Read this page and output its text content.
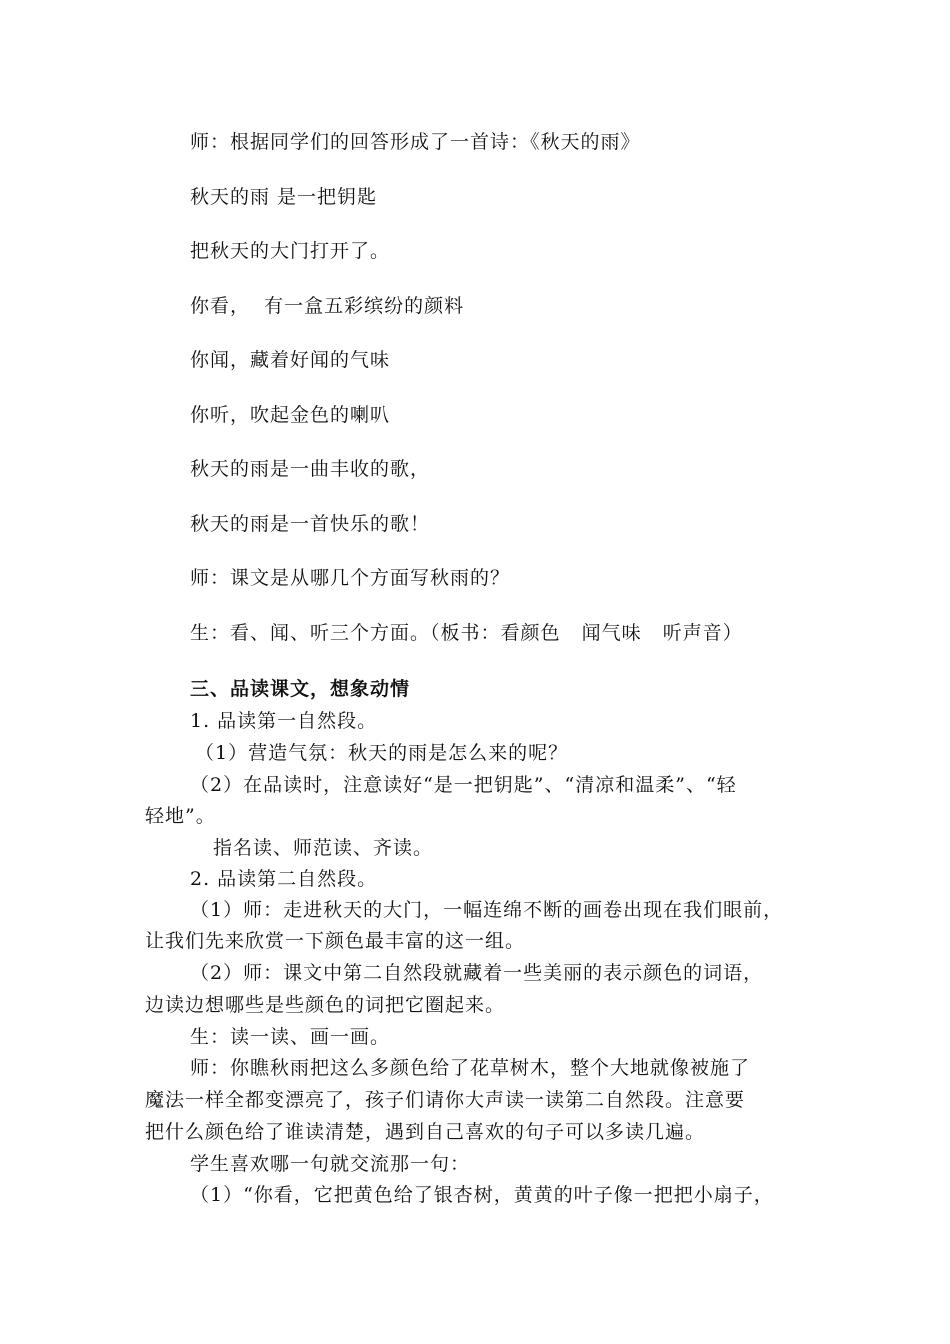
师：根据同学们的回答形成了一首诗：《秋天的雨》
秋天的雨 是一把钥匙
把秋天的大门打开了。
你看，  有一盒五彩缤纷的颜料
你闻，藏着好闻的气味
你听，吹起金色的喇叭
秋天的雨是一曲丰收的歌，
秋天的雨是一首快乐的歌！
师：课文是从哪几个方面写秋雨的？
生：看、闻、听三个方面。（板书：看颜色   闻气味   听声音）
三、品读课文，想象动情
1. 品读第一自然段。
（1）营造气氛：秋天的雨是怎么来的呢？
（2）在品读时，注意读好“是一把钥匙”、“清凉和温柔”、“轻
轻地”。
指名读、师范读、齐读。
2. 品读第二自然段。
（1）师：走进秋天的大门，一幅连绵不断的画卷出现在我们眼前，
让我们先来欣赏一下颜色最丰富的这一组。
（2）师：课文中第二自然段就藏着一些美丽的表示颜色的词语，
边读边想哪些是些颜色的词把它圈起来。
生：读一读、画一画。
师：你瞧秋雨把这么多颜色给了花草树木，整个大地就像被施了
魔法一样全都变漂亮了，孩子们请你大声读一读第二自然段。注意要
把什么颜色给了谁读清楚，遇到自己喜欢的句子可以多读几遍。
学生喜欢哪一句就交流那一句：
（1）“你看，它把黄色给了银杏树，黄黄的叶子像一把把小扇子，
